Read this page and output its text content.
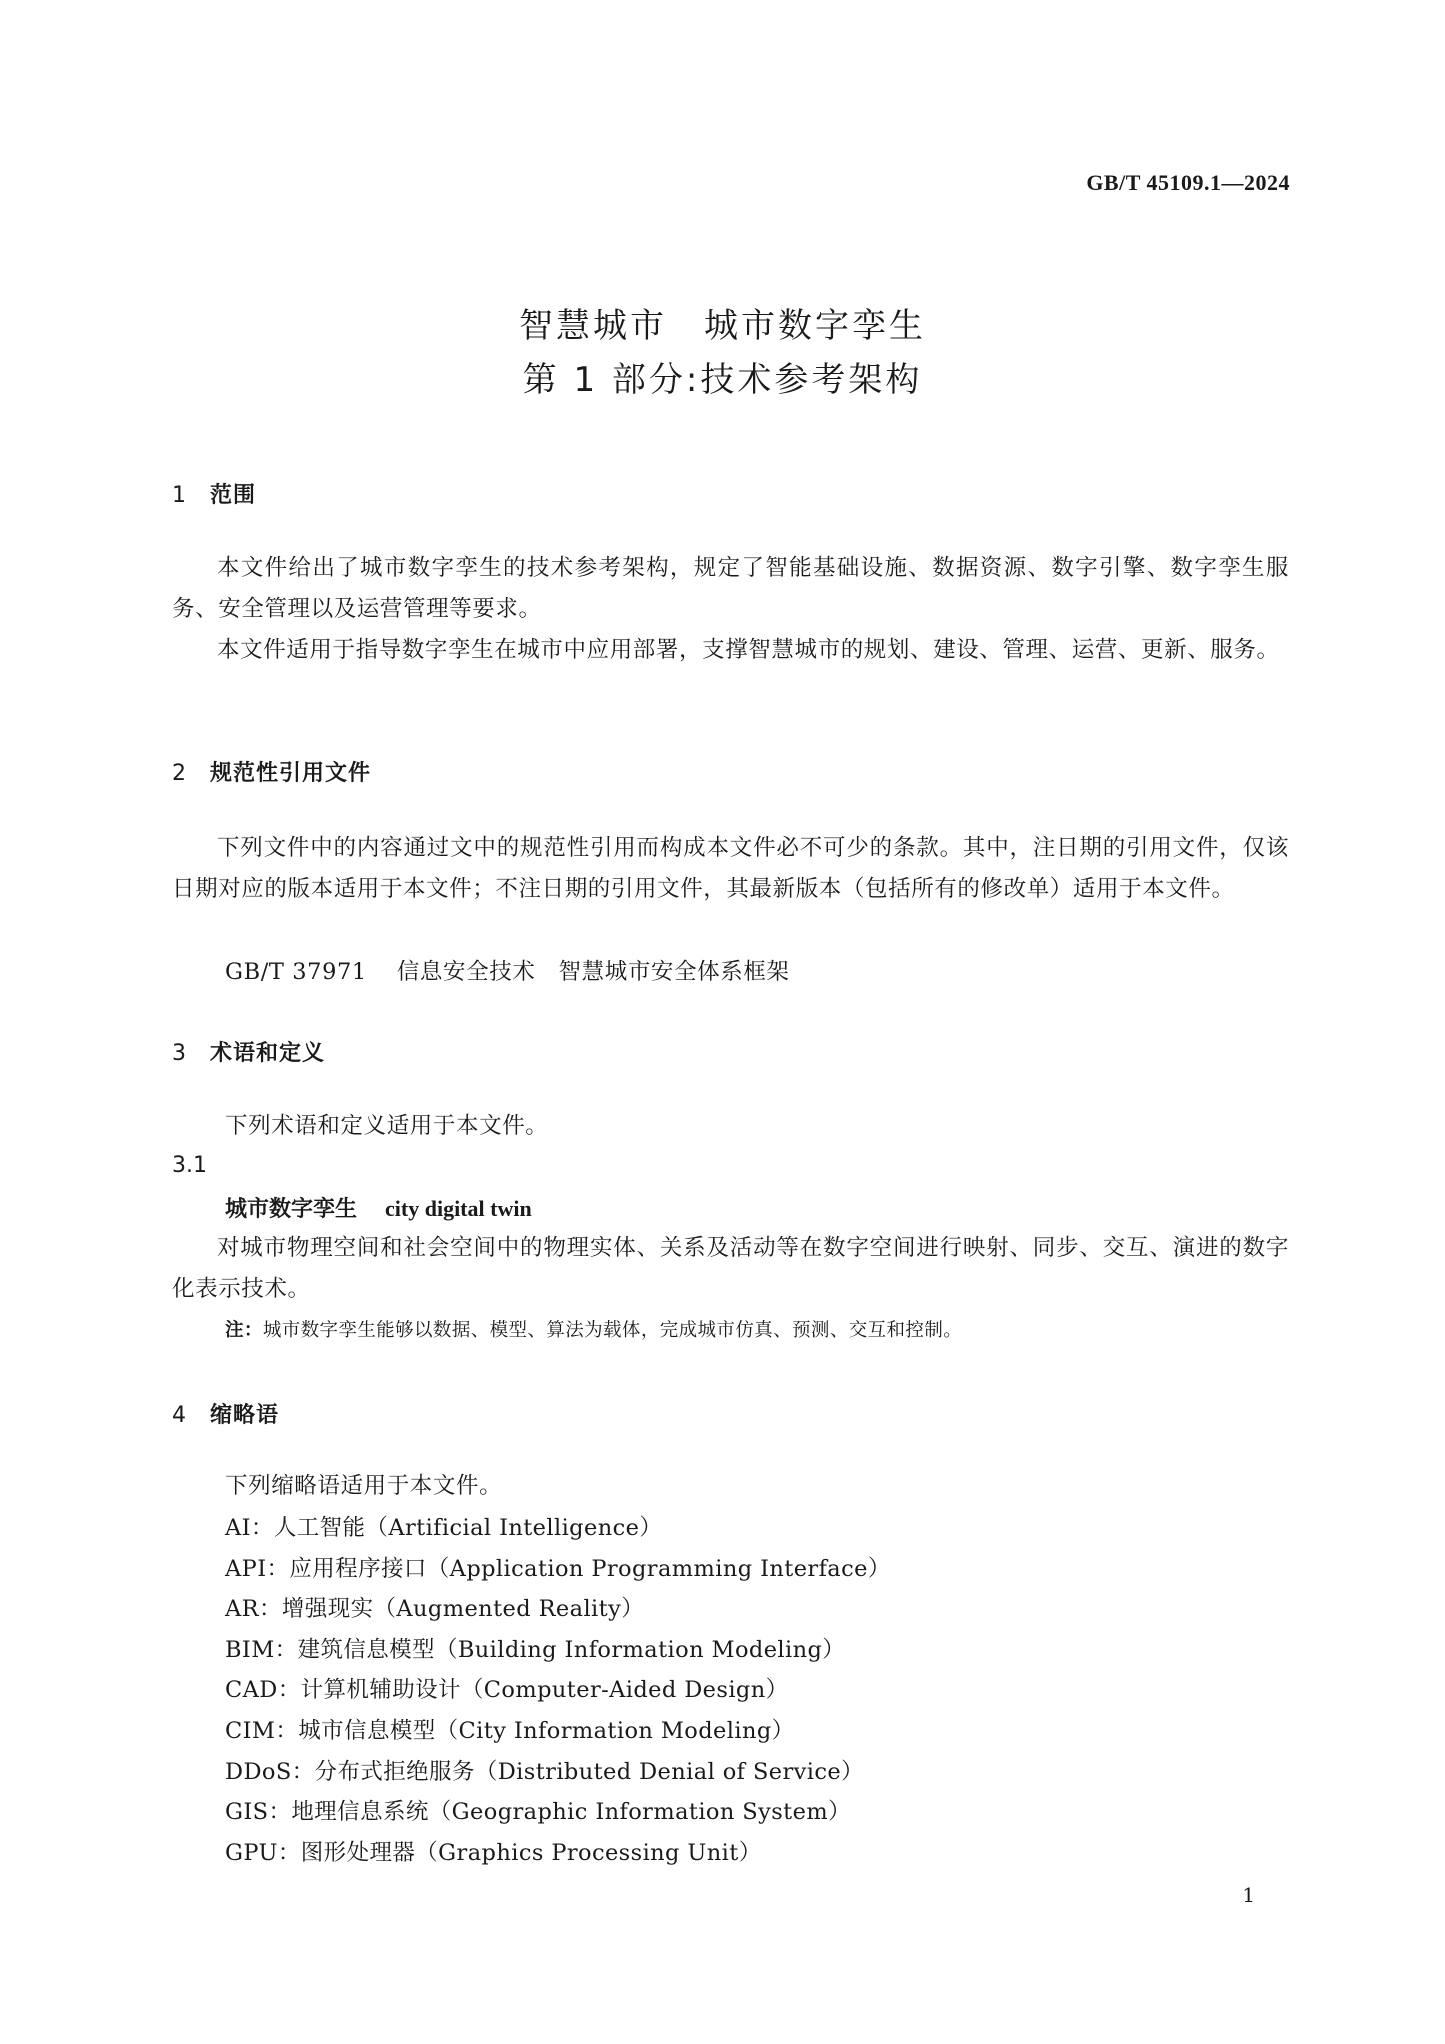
GB/T 45109.1—2024
智慧城市　城市数字孪生
第 1 部分:技术参考架构
1 范围
本文件给出了城市数字孪生的技术参考架构，规定了智能基础设施、数据资源、数字引擎、数字孪生服务、安全管理以及运营管理等要求。
本文件适用于指导数字孪生在城市中应用部署，支撑智慧城市的规划、建设、管理、运营、更新、服务。
2 规范性引用文件
下列文件中的内容通过文中的规范性引用而构成本文件必不可少的条款。其中，注日期的引用文件，仅该日期对应的版本适用于本文件；不注日期的引用文件，其最新版本（包括所有的修改单）适用于本文件。
GB/T 37971 信息安全技术　智慧城市安全体系框架
3 术语和定义
下列术语和定义适用于本文件。
3.1
城市数字孪生 city digital twin
对城市物理空间和社会空间中的物理实体、关系及活动等在数字空间进行映射、同步、交互、演进的数字化表示技术。
注：城市数字孪生能够以数据、模型、算法为载体，完成城市仿真、预测、交互和控制。
4 缩略语
下列缩略语适用于本文件。
AI：人工智能（Artificial Intelligence）
API：应用程序接口（Application Programming Interface）
AR：增强现实（Augmented Reality）
BIM：建筑信息模型（Building Information Modeling）
CAD：计算机辅助设计（Computer-Aided Design）
CIM：城市信息模型（City Information Modeling）
DDoS：分布式拒绝服务（Distributed Denial of Service）
GIS：地理信息系统（Geographic Information System）
GPU：图形处理器（Graphics Processing Unit）
1
